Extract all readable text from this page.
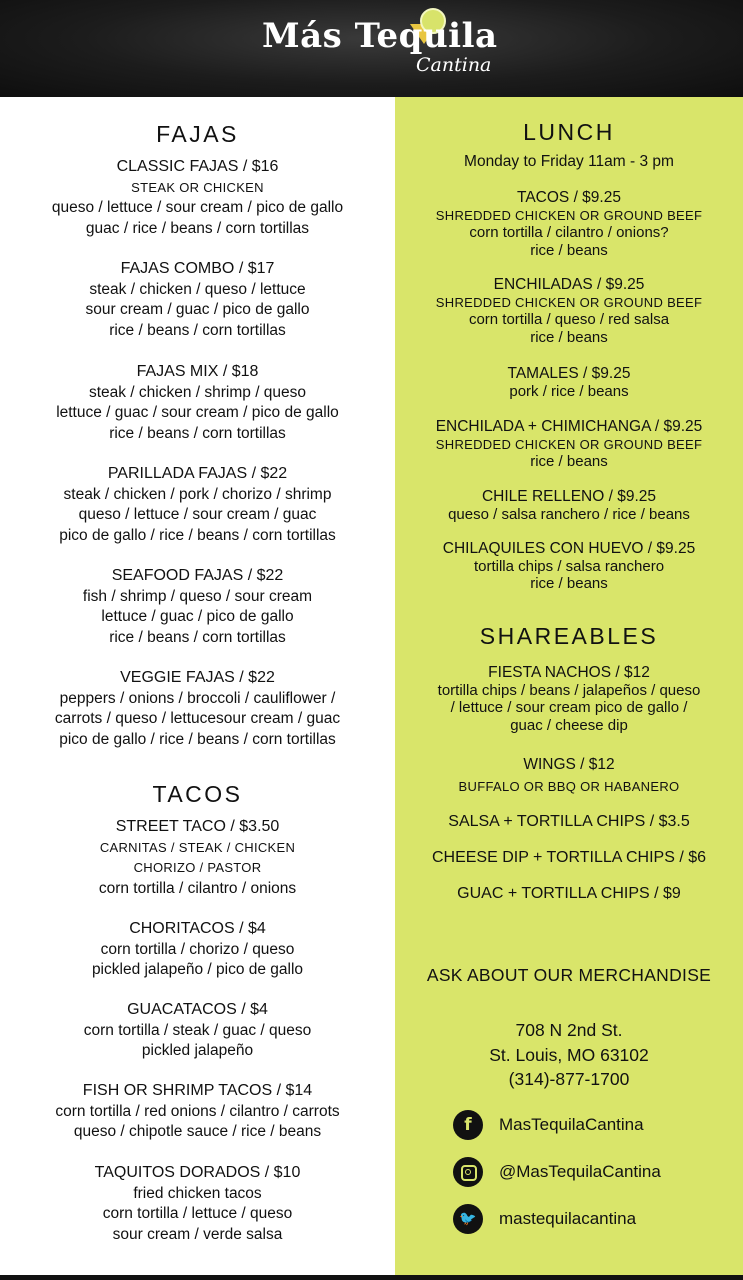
Más Tequila
Cantina
FAJAS
CLASSIC FAJAS / $16
STEAK OR CHICKEN
queso / lettuce / sour cream / pico de gallo
guac / rice / beans / corn tortillas
FAJAS COMBO / $17
steak / chicken / queso / lettuce
sour cream / guac / pico de gallo
rice / beans / corn tortillas
FAJAS MIX / $18
steak / chicken / shrimp / queso
lettuce / guac / sour cream / pico de gallo
rice / beans / corn tortillas
PARILLADA FAJAS / $22
steak / chicken / pork / chorizo / shrimp
queso / lettuce / sour cream / guac
pico de gallo / rice / beans / corn tortillas
SEAFOOD FAJAS / $22
fish / shrimp / queso / sour cream
lettuce / guac / pico de gallo
rice / beans / corn tortillas
VEGGIE FAJAS / $22
peppers / onions / broccoli / cauliflower /
carrots / queso / lettucesour cream / guac
pico de gallo / rice / beans / corn tortillas
TACOS
STREET TACO / $3.50
CARNITAS / STEAK / CHICKEN
CHORIZO / PASTOR
corn tortilla / cilantro / onions
CHORITACOS / $4
corn tortilla / chorizo / queso
pickled jalapeño / pico de gallo
GUACATACOS / $4
corn tortilla / steak / guac / queso
pickled jalapeño
FISH OR SHRIMP TACOS / $14
corn tortilla / red onions / cilantro / carrots
queso / chipotle sauce / rice / beans
TAQUITOS DORADOS / $10
fried chicken tacos
corn tortilla / lettuce / queso
sour cream / verde salsa
LUNCH
Monday to Friday 11am - 3 pm
TACOS / $9.25
SHREDDED CHICKEN OR GROUND BEEF
corn tortilla / cilantro / onions?
rice / beans
ENCHILADAS / $9.25
SHREDDED CHICKEN OR GROUND BEEF
corn tortilla / queso / red salsa
rice / beans
TAMALES / $9.25
pork / rice / beans
ENCHILADA + CHIMICHANGA / $9.25
SHREDDED CHICKEN OR GROUND BEEF
rice / beans
CHILE RELLENO / $9.25
queso / salsa ranchero / rice / beans
CHILAQUILES CON HUEVO / $9.25
tortilla chips / salsa ranchero
rice / beans
SHAREABLES
FIESTA NACHOS / $12
tortilla chips / beans / jalapeños / queso
/ lettuce / sour cream pico de gallo /
guac / cheese dip
WINGS / $12
BUFFALO OR BBQ OR HABANERO
SALSA + TORTILLA CHIPS / $3.5
CHEESE DIP + TORTILLA CHIPS / $6
GUAC + TORTILLA CHIPS / $9
ASK ABOUT OUR MERCHANDISE
708 N 2nd St.
St. Louis, MO 63102
(314)-877-1700
f	MasTequilaCantina
@MasTequilaCantina
🐦	mastequilacantina
